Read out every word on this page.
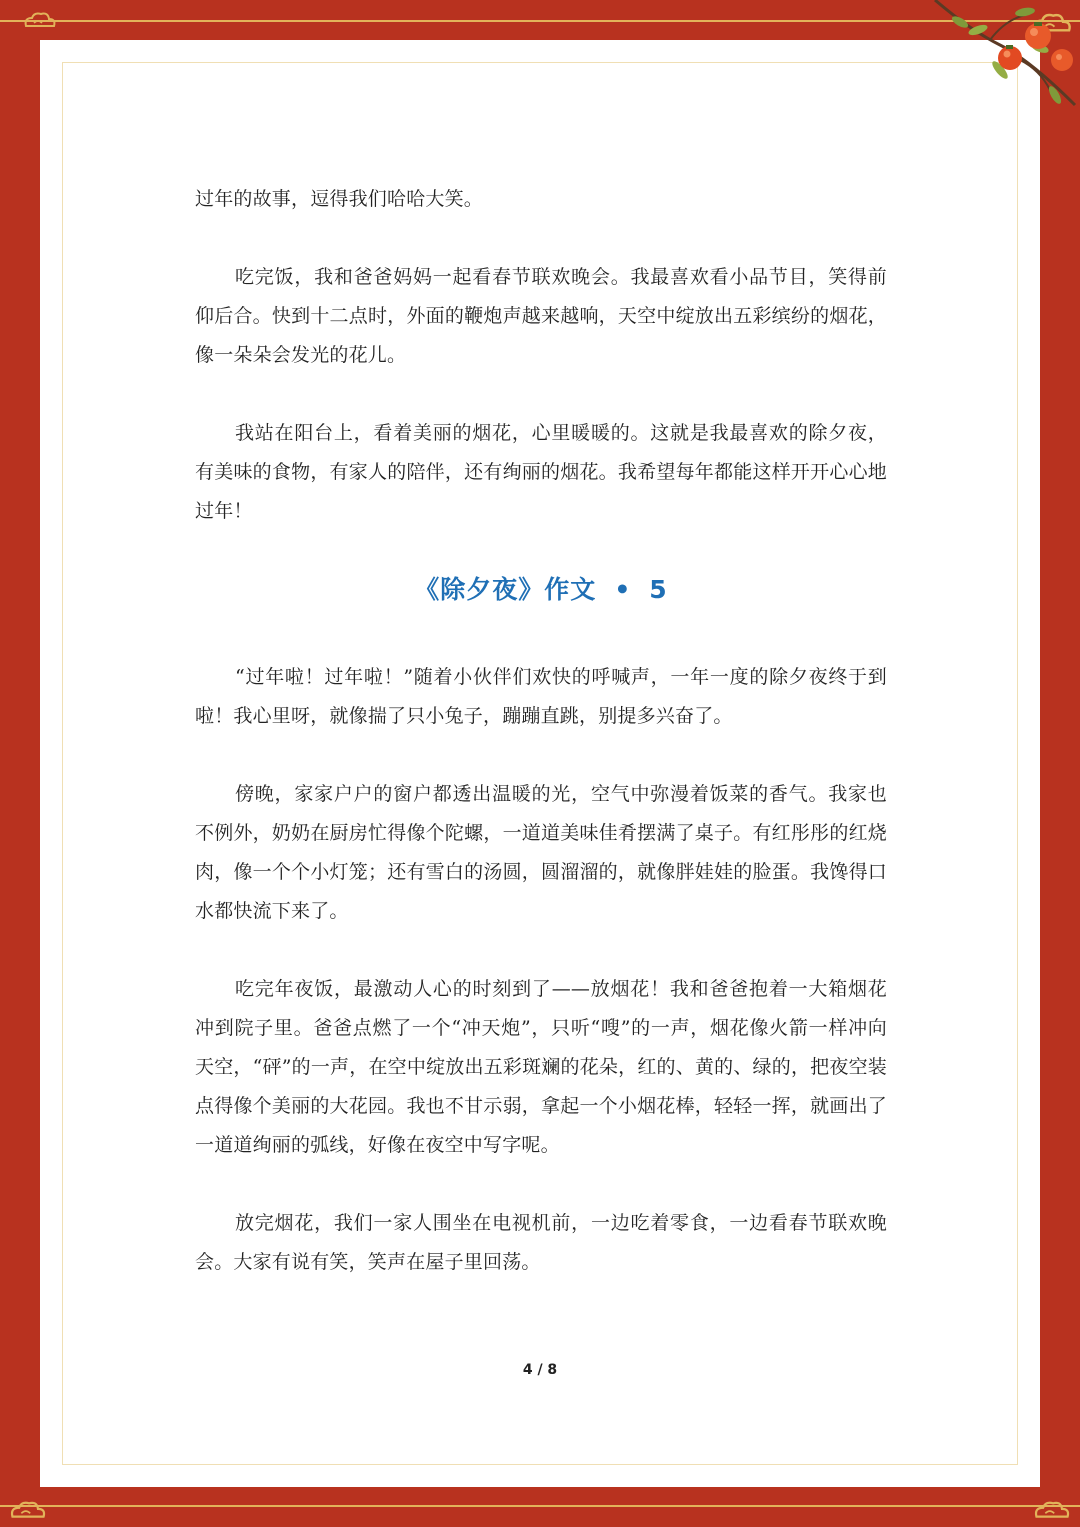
过年的故事，逗得我们哈哈大笑。

吃完饭，我和爸爸妈妈一起看春节联欢晚会。我最喜欢看小品节目，笑得前仰后合。快到十二点时，外面的鞭炮声越来越响，天空中绽放出五彩缤纷的烟花，像一朵朵会发光的花儿。

我站在阳台上，看着美丽的烟花，心里暖暖的。这就是我最喜欢的除夕夜，有美味的食物，有家人的陪伴，还有绚丽的烟花。我希望每年都能这样开开心心地过年！

《除夕夜》作文 • 5

“过年啦！过年啦！”随着小伙伴们欢快的呼喊声，一年一度的除夕夜终于到啦！我心里呀，就像揣了只小兔子，蹦蹦直跳，别提多兴奋了。

傍晚，家家户户的窗户都透出温暖的光，空气中弥漫着饭菜的香气。我家也不例外，奶奶在厨房忙得像个陀螺，一道道美味佳肴摆满了桌子。有红彤彤的红烧肉，像一个个小灯笼；还有雪白的汤圆，圆溜溜的，就像胖娃娃的脸蛋。我馋得口水都快流下来了。

吃完年夜饭，最激动人心的时刻到了——放烟花！我和爸爸抱着一大箱烟花冲到院子里。爸爸点燃了一个“冲天炮”，只听“嗖”的一声，烟花像火箭一样冲向天空，“砰”的一声，在空中绽放出五彩斑斓的花朵，红的、黄的、绿的，把夜空装点得像个美丽的大花园。我也不甘示弱，拿起一个小烟花棒，轻轻一挥，就画出了一道道绚丽的弧线，好像在夜空中写字呢。

放完烟花，我们一家人围坐在电视机前，一边吃着零食，一边看春节联欢晚会。大家有说有笑，笑声在屋子里回荡。

4 / 8
